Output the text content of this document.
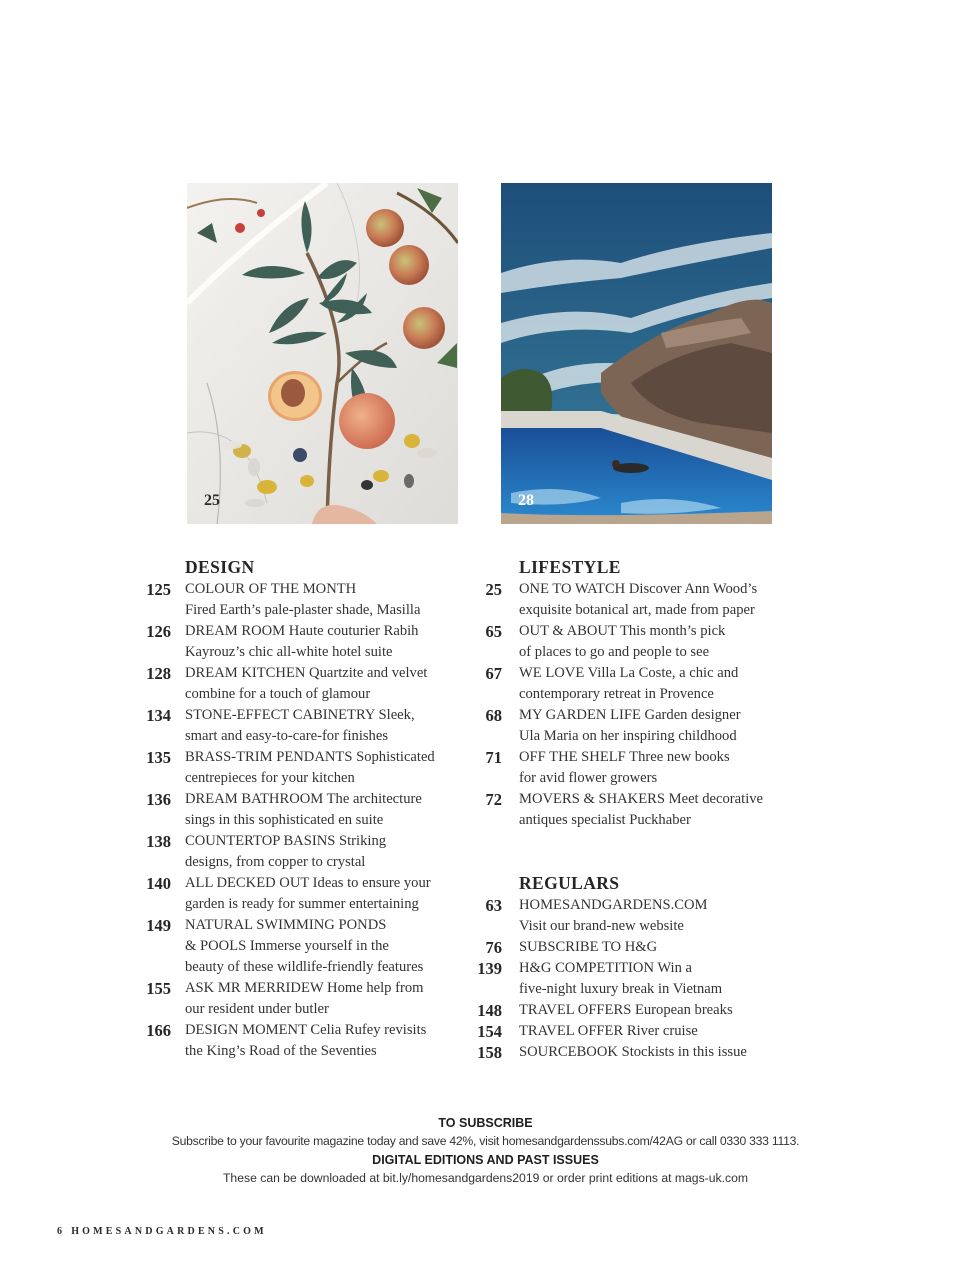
25	28
DESIGN
125 COLOUR OF THE MONTH
Fired Earth’s pale-plaster shade, Masilla
126 DREAM ROOM Haute couturier Rabih
Kayrouz’s chic all-white hotel suite
128 DREAM KITCHEN Quartzite and velvet
combine for a touch of glamour
134 STONE-EFFECT CABINETRY Sleek,
smart and easy-to-care-for finishes
135 BRASS-TRIM PENDANTS Sophisticated
centrepieces for your kitchen
136 DREAM BATHROOM The architecture
sings in this sophisticated en suite
138 COUNTERTOP BASINS Striking
designs, from copper to crystal
140 ALL DECKED OUT Ideas to ensure your
garden is ready for summer entertaining
149 NATURAL SWIMMING PONDS
& POOLS Immerse yourself in the
beauty of these wildlife-friendly features
155 ASK MR MERRIDEW Home help from
our resident under butler
166 DESIGN MOMENT Celia Rufey revisits
the King’s Road of the Seventies
LIFESTYLE
25 ONE TO WATCH Discover Ann Wood’s
exquisite botanical art, made from paper
65 OUT & ABOUT This month’s pick
of places to go and people to see
67 WE LOVE Villa La Coste, a chic and
contemporary retreat in Provence
68 MY GARDEN LIFE Garden designer
Ula Maria on her inspiring childhood
71 OFF THE SHELF Three new books
for avid flower growers
72 MOVERS & SHAKERS Meet decorative
antiques specialist Puckhaber
REGULARS
63 HOMESANDGARDENS.COM
Visit our brand-new website
76 SUBSCRIBE TO H&G
139 H&G COMPETITION Win a
five-night luxury break in Vietnam
148 TRAVEL OFFERS European breaks
154 TRAVEL OFFER River cruise
158 SOURCEBOOK Stockists in this issue
TO SUBSCRIBE
Subscribe to your favourite magazine today and save 42%, visit homesandgardenssubs.com/42AG or call 0330 333 1113.
DIGITAL EDITIONS AND PAST ISSUES
These can be downloaded at bit.ly/homesandgardens2019 or order print editions at mags-uk.com
6 HOMESANDGARDENS.COM
